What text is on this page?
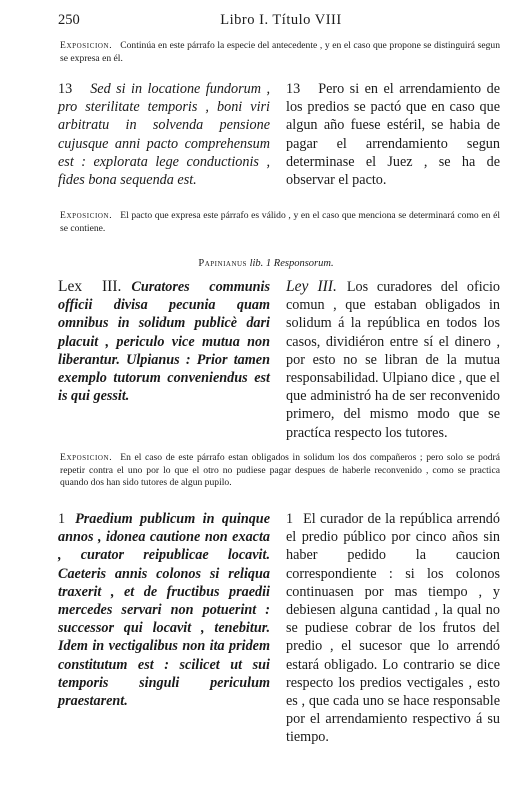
250	Libro I. Título VIII
Exposicion. Continúa en este párrafo la especie del antecedente , y en el caso que propone se distinguirá segun se expresa en él.
13 Sed si in locatione fundorum , pro sterilitate temporis , boni viri arbitratu in solvenda pensione cujusque anni pacto comprehensum est : explorata lege conductionis , fides bona sequenda est.
13 Pero si en el arrendamiento de los predios se pactó que en caso que algun año fuese estéril, se habia de pagar el arrendamiento segun determinase el Juez , se ha de observar el pacto.
Exposicion. El pacto que expresa este párrafo es válido , y en el caso que menciona se determinará como en él se contiene.
Papinianus lib. 1 Responsorum.
Lex III. Curatores communis officii divisa pecunia quam omnibus in solidum publicè dari placuit , periculo vice mutua non liberantur. Ulpianus : Prior tamen exemplo tutorum conveniendus est is qui gessit.
Ley III. Los curadores del oficio comun , que estaban obligados in solidum á la república en todos los casos, dividiéron entre sí el dinero , por esto no se libran de la mutua responsabilidad. Ulpiano dice , que el que administró ha de ser reconvenido primero, del mismo modo que se practíca respecto los tutores.
Exposicion. En el caso de este párrafo estan obligados in solidum los dos compañeros ; pero solo se podrá repetir contra el uno por lo que el otro no pudiese pagar despues de haberle reconvenido , como se practica quando dos han sido tutores de algun pupilo.
1 Praedium publicum in quinque annos , idonea cautione non exacta , curator reipublicae locavit. Caeteris annis colonos si reliqua traxerit , et de fructibus praedii mercedes servari non potuerint : successor qui locavit , tenebitur. Idem in vectigalibus non ita pridem constitutum est : scilicet ut sui temporis singuli periculum praestarent.
1 El curador de la república arrendó el predio público por cinco años sin haber pedido la caucion correspondiente : si los colonos continuasen por mas tiempo , y debiesen alguna cantidad , la qual no se pudiese cobrar de los frutos del predio , el sucesor que lo arrendó estará obligado. Lo contrario se dice respecto los predios vectigales , esto es , que cada uno se hace responsable por el arrendamiento respectivo á su tiempo.
